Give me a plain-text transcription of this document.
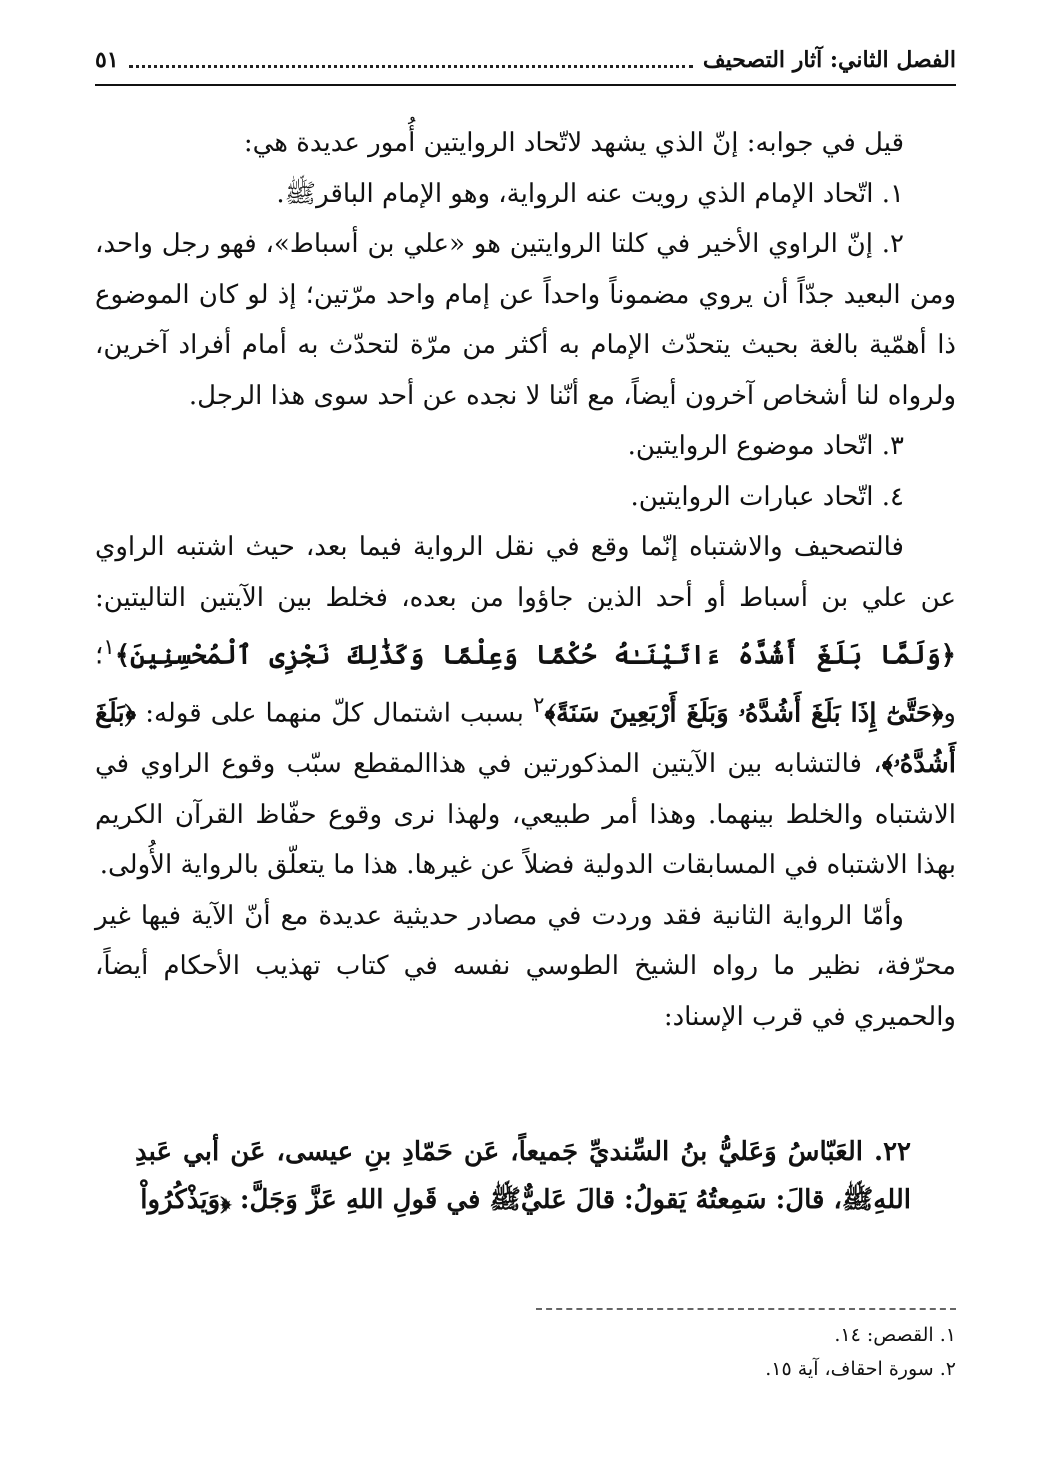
الفصل الثاني: آثار التصحيف
٥١

قيل في جوابه: إنّ الذي يشهد لاتّحاد الروايتين أُمور عديدة هي:

١. اتّحاد الإمام الذي رويت عنه الرواية، وهو الإمام الباقرﷺ.

٢. إنّ الراوي الأخير في كلتا الروايتين هو «علي بن أسباط»، فهو رجل واحد، ومن البعيد جدّاً أن يروي مضموناً واحداً عن إمام واحد مرّتين؛ إذ لو كان الموضوع ذا أهمّية بالغة بحيث يتحدّث الإمام به أكثر من مرّة لتحدّث به أمام أفراد آخرين، ولرواه لنا أشخاص آخرون أيضاً، مع أنّنا لا نجده عن أحد سوى هذا الرجل.

٣. اتّحاد موضوع الروايتين.

٤. اتّحاد عبارات الروايتين.

فالتصحيف والاشتباه إنّما وقع في نقل الرواية فيما بعد، حيث اشتبه الراوي عن علي بن أسباط أو أحد الذين جاؤوا من بعده، فخلط بين الآيتين التاليتين: ﴿وَلَمَّا بَلَغَ أَشُدَّهُ ءَاتَيْنَـٰهُ حُكْمًا وَعِلْمًا وَكَذَٰلِكَ نَجْزِى ٱلْمُحْسِنِينَ﴾$^١$؛ و﴿حَتَّىٰٓ إِذَا بَلَغَ أَشُدَّهُۥ وَبَلَغَ أَرْبَعِينَ سَنَةً﴾$^٢$ بسبب اشتمال كلّ منهما على قوله: ﴿بَلَغَ أَشُدَّهُۥ﴾، فالتشابه بين الآيتين المذكورتين في هذاالمقطع سبّب وقوع الراوي في الاشتباه والخلط بينهما. وهذا أمر طبيعي، ولهذا نرى وقوع حفّاظ القرآن الكريم بهذا الاشتباه في المسابقات الدولية فضلاً عن غيرها. هذا ما يتعلّق بالرواية الأُولى.

وأمّا الرواية الثانية فقد وردت في مصادر حديثية عديدة مع أنّ الآية فيها غير محرّفة، نظير ما رواه الشيخ الطوسي نفسه في كتاب تهذيب الأحكام أيضاً، والحميري في قرب الإسناد:

٢٢. العَبّاسُ وَعَليُّ بنُ السِّنديِّ جَميعاً، عَن حَمّادِ بنِ عيسى، عَن أبي عَبدِ اللهِﷺ، قالَ: سَمِعتُهُ يَقولُ: قالَ عَليٌّﷺ في قَولِ اللهِ عَزَّ وَجَلَّ: ﴿وَيَذْكُرُواْ
١. القصص: ١٤.
٢. سورة احقاف، آية ١٥.
